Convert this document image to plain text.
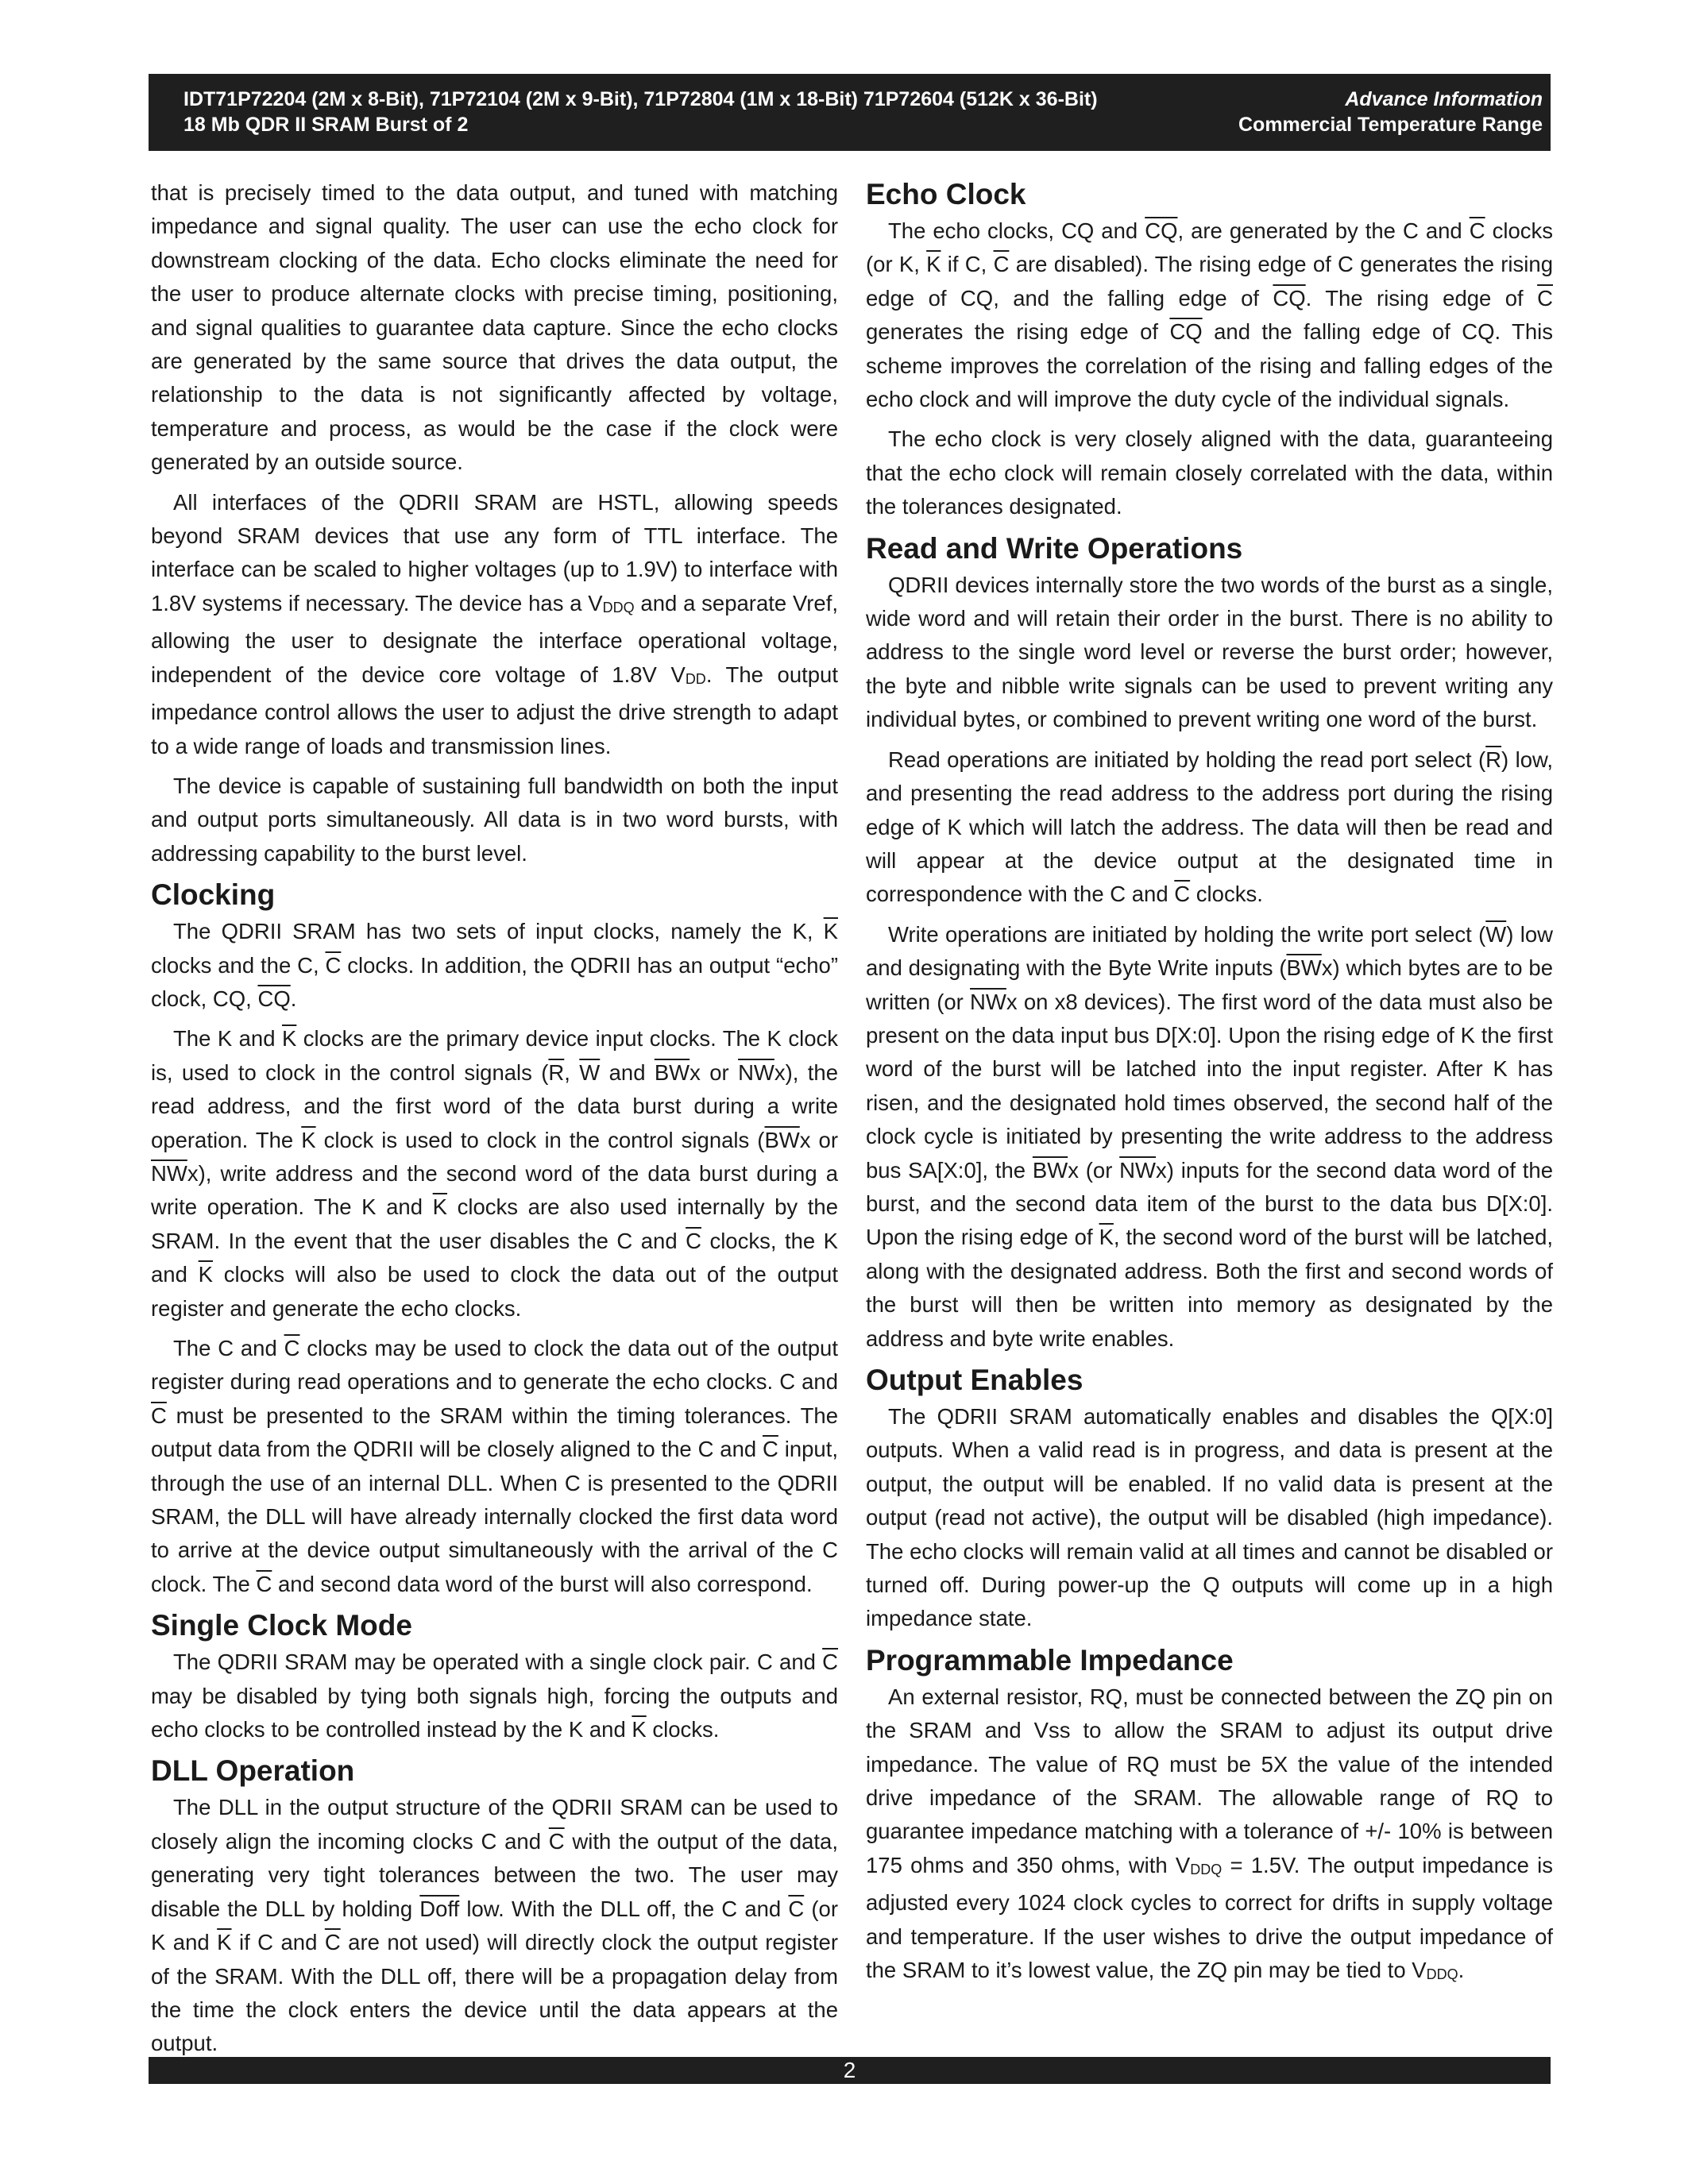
IDT71P72204 (2M x 8-Bit), 71P72104 (2M x 9-Bit), 71P72804 (1M x 18-Bit) 71P72604 (512K x 36-Bit)	Advance Information
18 Mb QDR II SRAM Burst of 2	Commercial Temperature Range

that is precisely timed to the data output, and tuned with matching impedance and signal quality. The user can use the echo clock for downstream clocking of the data. Echo clocks eliminate the need for the user to produce alternate clocks with precise timing, positioning, and signal qualities to guarantee data capture. Since the echo clocks are generated by the same source that drives the data output, the relationship to the data is not significantly affected by voltage, temperature and process, as would be the case if the clock were generated by an outside source.

All interfaces of the QDRII SRAM are HSTL, allowing speeds beyond SRAM devices that use any form of TTL interface. The interface can be scaled to higher voltages (up to 1.9V) to interface with 1.8V systems if necessary. The device has a $V_{DDQ}$ and a separate Vref, allowing the user to designate the interface operational voltage, independent of the device core voltage of 1.8V $V_{DD}$. The output impedance control allows the user to adjust the drive strength to adapt to a wide range of loads and transmission lines.

The device is capable of sustaining full bandwidth on both the input and output ports simultaneously. All data is in two word bursts, with addressing capability to the burst level.

Clocking

The QDRII SRAM has two sets of input clocks, namely the K, $\overline{K}$ clocks and the C, $\overline{C}$ clocks. In addition, the QDRII has an output “echo” clock, CQ, $\overline{CQ}$.

The K and $\overline{K}$ clocks are the primary device input clocks. The K clock is, used to clock in the control signals ($\overline{R}$, $\overline{W}$ and $\overline{BW}x$ or $\overline{NW}x$), the read address, and the first word of the data burst during a write operation. The $\overline{K}$ clock is used to clock in the control signals ($\overline{BW}x$ or $\overline{NW}x$), write address and the second word of the data burst during a write operation. The K and $\overline{K}$ clocks are also used internally by the SRAM. In the event that the user disables the C and $\overline{C}$ clocks, the K and $\overline{K}$ clocks will also be used to clock the data out of the output register and generate the echo clocks.

The C and $\overline{C}$ clocks may be used to clock the data out of the output register during read operations and to generate the echo clocks. C and $\overline{C}$ must be presented to the SRAM within the timing tolerances. The output data from the QDRII will be closely aligned to the C and $\overline{C}$ input, through the use of an internal DLL. When C is presented to the QDRII SRAM, the DLL will have already internally clocked the first data word to arrive at the device output simultaneously with the arrival of the C clock. The $\overline{C}$ and second data word of the burst will also correspond.

Single Clock Mode

The QDRII SRAM may be operated with a single clock pair. C and $\overline{C}$ may be disabled by tying both signals high, forcing the outputs and echo clocks to be controlled instead by the K and $\overline{K}$ clocks.

DLL Operation

The DLL in the output structure of the QDRII SRAM can be used to closely align the incoming clocks C and $\overline{C}$ with the output of the data, generating very tight tolerances between the two. The user may disable the DLL by holding Doff low. With the DLL off, the C and $\overline{C}$ (or K and $\overline{K}$ if C and $\overline{C}$ are not used) will directly clock the output register of the SRAM. With the DLL off, there will be a propagation delay from the time the clock enters the device until the data appears at the output.

Echo Clock

The echo clocks, CQ and $\overline{CQ}$, are generated by the C and $\overline{C}$ clocks (or K, $\overline{K}$ if C, $\overline{C}$ are disabled). The rising edge of C generates the rising edge of CQ, and the falling edge of $\overline{CQ}$. The rising edge of $\overline{C}$ generates the rising edge of $\overline{CQ}$ and the falling edge of CQ. This scheme improves the correlation of the rising and falling edges of the echo clock and will improve the duty cycle of the individual signals.

The echo clock is very closely aligned with the data, guaranteeing that the echo clock will remain closely correlated with the data, within the tolerances designated.

Read and Write Operations

QDRII devices internally store the two words of the burst as a single, wide word and will retain their order in the burst. There is no ability to address to the single word level or reverse the burst order; however, the byte and nibble write signals can be used to prevent writing any individual bytes, or combined to prevent writing one word of the burst.

Read operations are initiated by holding the read port select $(\overline{R})$ low, and presenting the read address to the address port during the rising edge of K which will latch the address. The data will then be read and will appear at the device output at the designated time in correspondence with the C and $\overline{C}$ clocks.

Write operations are initiated by holding the write port select $(\overline{W})$ low and designating with the Byte Write inputs $(\overline{BW}x)$ which bytes are to be written (or $\overline{NW}x$ on x8 devices). The first word of the data must also be present on the data input bus D[X:0]. Upon the rising edge of K the first word of the burst will be latched into the input register. After K has risen, and the designated hold times observed, the second half of the clock cycle is initiated by presenting the write address to the address bus SA[X:0], the $\overline{BW}x$ (or $\overline{NW}x$) inputs for the second data word of the burst, and the second data item of the burst to the data bus D[X:0]. Upon the rising edge of $\overline{K}$, the second word of the burst will be latched, along with the designated address. Both the first and second words of the burst will then be written into memory as designated by the address and byte write enables.

Output Enables

The QDRII SRAM automatically enables and disables the Q[X:0] outputs. When a valid read is in progress, and data is present at the output, the output will be enabled. If no valid data is present at the output (read not active), the output will be disabled (high impedance). The echo clocks will remain valid at all times and cannot be disabled or turned off. During power-up the Q outputs will come up in a high impedance state.

Programmable Impedance

An external resistor, RQ, must be connected between the ZQ pin on the SRAM and Vss to allow the SRAM to adjust its output drive impedance. The value of RQ must be 5X the value of the intended drive impedance of the SRAM. The allowable range of RQ to guarantee impedance matching with a tolerance of +/- 10% is between 175 ohms and 350 ohms, with $V_{DDQ} = 1.5V$. The output impedance is adjusted every 1024 clock cycles to correct for drifts in supply voltage and temperature. If the user wishes to drive the output impedance of the SRAM to it’s lowest value, the ZQ pin may be tied to $V_{DDQ}$.

2
